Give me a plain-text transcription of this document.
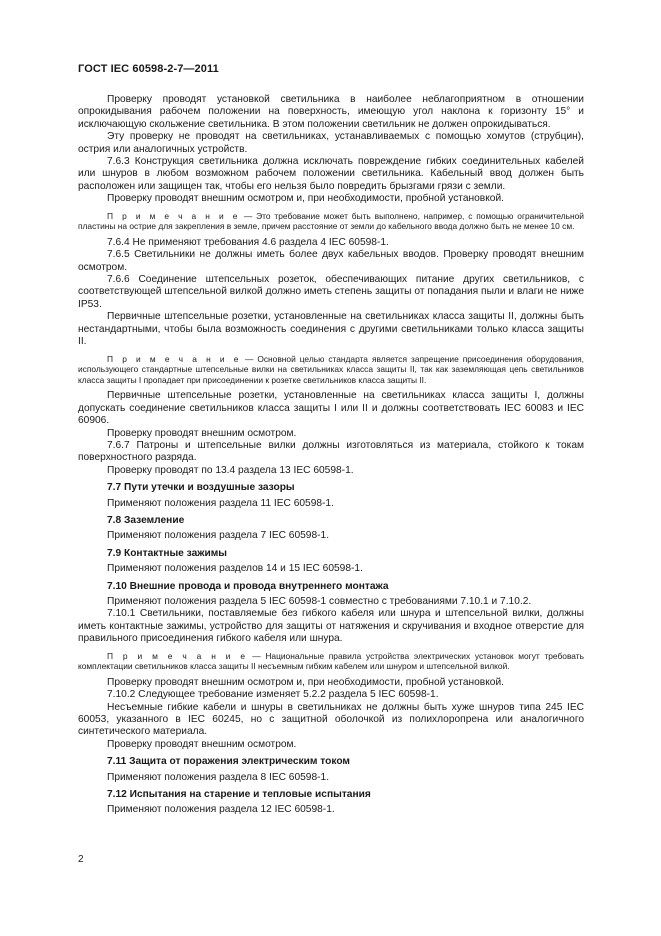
ГОСТ IEC 60598-2-7—2011

Проверку проводят установкой светильника в наиболее неблагоприятном в отношении опрокидывания рабочем положении на поверхность, имеющую угол наклона к горизонту 15° и исключающую скольжение светильника. В этом положении светильник не должен опрокидываться.

Эту проверку не проводят на светильниках, устанавливаемых с помощью хомутов (струбцин), острия или аналогичных устройств.

7.6.3 Конструкция светильника должна исключать повреждение гибких соединительных кабелей или шнуров в любом возможном рабочем положении светильника. Кабельный ввод должен быть расположен или защищен так, чтобы его нельзя было повредить брызгами грязи с земли.

Проверку проводят внешним осмотром и, при необходимости, пробной установкой.

П р и м е ч а н и е — Это требование может быть выполнено, например, с помощью ограничительной пластины на острие для закрепления в земле, причем расстояние от земли до кабельного ввода должно быть не менее 10 см.

7.6.4 Не применяют требования 4.6 раздела 4 IEC 60598-1.

7.6.5 Светильники не должны иметь более двух кабельных вводов. Проверку проводят внешним осмотром.

7.6.6 Соединение штепсельных розеток, обеспечивающих питание других светильников, с соответствующей штепсельной вилкой должно иметь степень защиты от попадания пыли и влаги не ниже IP53.

Первичные штепсельные розетки, установленные на светильниках класса защиты II, должны быть нестандартными, чтобы была возможность соединения с другими светильниками только класса защиты II.

П р и м е ч а н и е — Основной целью стандарта является запрещение присоединения оборудования, использующего стандартные штепсельные вилки на светильниках класса защиты II, так как заземляющая цепь светильников класса защиты I пропадает при присоединении к розетке светильников класса защиты II.

Первичные штепсельные розетки, установленные на светильниках класса защиты I, должны допускать соединение светильников класса защиты I или II и должны соответствовать IEC 60083 и IEC 60906.

Проверку проводят внешним осмотром.

7.6.7 Патроны и штепсельные вилки должны изготовляться из материала, стойкого к токам поверхностного разряда.

Проверку проводят по 13.4 раздела 13 IEC 60598-1.

7.7 Пути утечки и воздушные зазоры

Применяют положения раздела 11 IEC 60598-1.

7.8 Заземление

Применяют положения раздела 7 IEC 60598-1.

7.9 Контактные зажимы

Применяют положения разделов 14 и 15 IEC 60598-1.

7.10 Внешние провода и провода внутреннего монтажа

Применяют положения раздела 5 IEC 60598-1 совместно с требованиями 7.10.1 и 7.10.2.

7.10.1 Светильники, поставляемые без гибкого кабеля или шнура и штепсельной вилки, должны иметь контактные зажимы, устройство для защиты от натяжения и скручивания и входное отверстие для правильного присоединения гибкого кабеля или шнура.

П р и м е ч а н и е — Национальные правила устройства электрических установок могут требовать комплектации светильников класса защиты II несъемным гибким кабелем или шнуром и штепсельной вилкой.

Проверку проводят внешним осмотром и, при необходимости, пробной установкой.

7.10.2 Следующее требование изменяет 5.2.2 раздела 5 IEC 60598-1.

Несъемные гибкие кабели и шнуры в светильниках не должны быть хуже шнуров типа 245 IEC 60053, указанного в IEC 60245, но с защитной оболочкой из полихлоропрена или аналогичного синтетического материала.

Проверку проводят внешним осмотром.

7.11 Защита от поражения электрическим током

Применяют положения раздела 8 IEC 60598-1.

7.12 Испытания на старение и тепловые испытания

Применяют положения раздела 12 IEC 60598-1.

2
